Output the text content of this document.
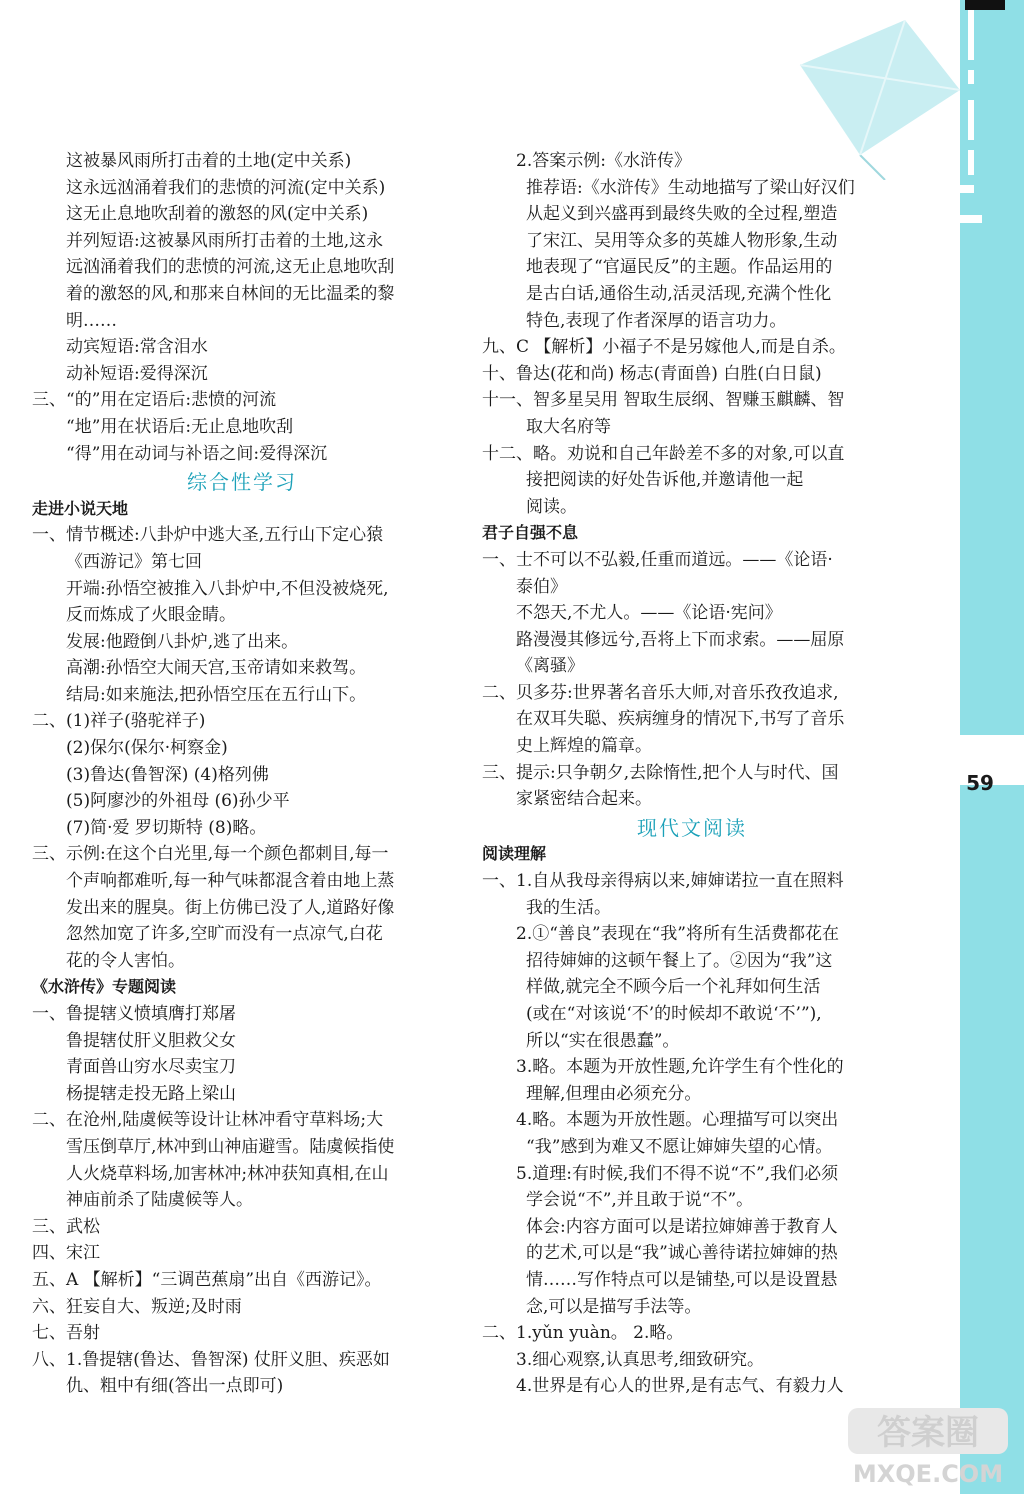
59
答案圈
MXQE.COM
这被暴风雨所打击着的土地(定中关系)
这永远汹涌着我们的悲愤的河流(定中关系)
这无止息地吹刮着的激怒的风(定中关系)
并列短语:这被暴风雨所打击着的土地,这永
远汹涌着我们的悲愤的河流,这无止息地吹刮
着的激怒的风,和那来自林间的无比温柔的黎
明……
动宾短语:常含泪水
动补短语:爱得深沉
三、“的”用在定语后:悲愤的河流
“地”用在状语后:无止息地吹刮
“得”用在动词与补语之间:爱得深沉
综合性学习
走进小说天地
一、情节概述:八卦炉中逃大圣,五行山下定心猿
《西游记》第七回
开端:孙悟空被推入八卦炉中,不但没被烧死,
反而炼成了火眼金睛。
发展:他蹬倒八卦炉,逃了出来。
高潮:孙悟空大闹天宫,玉帝请如来救驾。
结局:如来施法,把孙悟空压在五行山下。
二、(1)祥子(骆驼祥子)
(2)保尔(保尔·柯察金)
(3)鲁达(鲁智深) (4)格列佛
(5)阿廖沙的外祖母 (6)孙少平
(7)简·爱 罗切斯特 (8)略。
三、示例:在这个白光里,每一个颜色都刺目,每一
个声响都难听,每一种气味都混含着由地上蒸
发出来的腥臭。街上仿佛已没了人,道路好像
忽然加宽了许多,空旷而没有一点凉气,白花
花的令人害怕。
《水浒传》专题阅读
一、鲁提辖义愤填膺打郑屠
鲁提辖仗肝义胆救父女
青面兽山穷水尽卖宝刀
杨提辖走投无路上梁山
二、在沧州,陆虞候等设计让林冲看守草料场;大
雪压倒草厅,林冲到山神庙避雪。陆虞候指使
人火烧草料场,加害林冲;林冲获知真相,在山
神庙前杀了陆虞候等人。
三、武松
四、宋江
五、A 【解析】“三调芭蕉扇”出自《西游记》。
六、狂妄自大、叛逆;及时雨
七、吾射
八、1.鲁提辖(鲁达、鲁智深) 仗肝义胆、疾恶如
仇、粗中有细(答出一点即可)
2.答案示例:《水浒传》
推荐语:《水浒传》生动地描写了梁山好汉们
从起义到兴盛再到最终失败的全过程,塑造
了宋江、吴用等众多的英雄人物形象,生动
地表现了“官逼民反”的主题。作品运用的
是古白话,通俗生动,活灵活现,充满个性化
特色,表现了作者深厚的语言功力。
九、C 【解析】小福子不是另嫁他人,而是自杀。
十、鲁达(花和尚) 杨志(青面兽) 白胜(白日鼠)
十一、智多星吴用 智取生辰纲、智赚玉麒麟、智
取大名府等
十二、略。劝说和自己年龄差不多的对象,可以直
接把阅读的好处告诉他,并邀请他一起
阅读。
君子自强不息
一、士不可以不弘毅,任重而道远。——《论语·
泰伯》
不怨天,不尤人。——《论语·宪问》
路漫漫其修远兮,吾将上下而求索。——屈原
《离骚》
二、贝多芬:世界著名音乐大师,对音乐孜孜追求,
在双耳失聪、疾病缠身的情况下,书写了音乐
史上辉煌的篇章。
三、提示:只争朝夕,去除惰性,把个人与时代、国
家紧密结合起来。
现代文阅读
阅读理解
一、1.自从我母亲得病以来,婶婶诺拉一直在照料
我的生活。
2.①“善良”表现在“我”将所有生活费都花在
招待婶婶的这顿午餐上了。②因为“我”这
样做,就完全不顾今后一个礼拜如何生活
(或在“对该说‘不’的时候却不敢说‘不’”),
所以“实在很愚蠢”。
3.略。本题为开放性题,允许学生有个性化的
理解,但理由必须充分。
4.略。本题为开放性题。心理描写可以突出
“我”感到为难又不愿让婶婶失望的心情。
5.道理:有时候,我们不得不说“不”,我们必须
学会说“不”,并且敢于说“不”。
体会:内容方面可以是诺拉婶婶善于教育人
的艺术,可以是“我”诚心善待诺拉婶婶的热
情……写作特点可以是铺垫,可以是设置悬
念,可以是描写手法等。
二、1.yǔn yuàn。 2.略。
3.细心观察,认真思考,细致研究。
4.世界是有心人的世界,是有志气、有毅力人
